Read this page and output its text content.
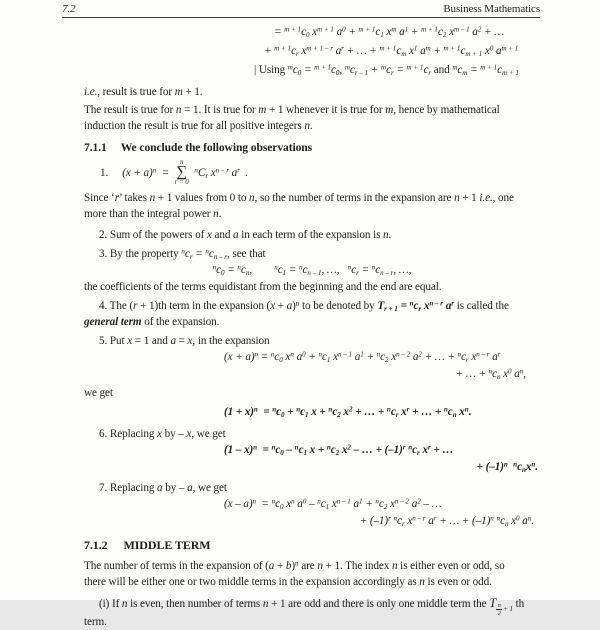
7.2	Business Mathematics
= $^{m + 1}c_0$ $x^{m + 1}$ $a^0 + ^{m + 1}c_1$ $x^m$ $a^1 + ^{m + 1}c_2$ $x^{m - 1}$ $a^2$ + …
+ $^{m + 1}c_r$ $x^{m + 1 - r}$ $a^r$ + … + $^{m + 1}c_m$ $x^1$ $a^m + ^{m + 1}c_{m + 1}$ $x^0$ $a^{m + 1}$
| Using $^mc_0 = ^{m + 1}c_0$, $^mc_{r - 1} + ^mc_r = ^{m + 1}c_r$ and $^mc_m = ^{m + 1}c_{m + 1}$
i.e., result is true for m + 1.
The result is true for n = 1. It is true for m + 1 whenever it is true for m, hence by mathematical
induction the result is true for all positive integers n.
7.1.1 We conclude the following observations
1. $(x + a)^n$  =
n
∑
r = 0
$^nC_r$ $x^{n - r}$ $a^r$  .
Since ‘r’ takes n + 1 values from 0 to n, so the number of terms in the expansion are n + 1 i.e., one
more than the integral power n.
2. Sum of the powers of x and a in each term of the expansion is n.
3. By the property $^nc_r = ^nc_{n - r}$, see that
$^nc_0 = ^nc_n$,  $^nc_1 = ^nc_{n - 1}$, …,  $^nc_r = ^nc_{n - r}$, …,
the coefficients of the terms equidistant from the beginning and the end are equal.
4. The (r + 1)th term in the expansion $(x + a)^n$ to be denoted by $T_{r + 1} = ^nc_r$ $x^{n - r}$ $a^r$ is called the
general term of the expansion.
5. Put x = 1 and a = x, in the expansion
$(x + a)^n = ^nc_0$ $x^n$ $a^0 + ^nc_1$ $x^{n - 1}$ $a^1 + ^nc_2$ $x^{n - 2}$ $a^2$ + … + $^nc_r$ $x^{n - r}$ $a^r$
+ … + $^nc_n$ $x^0$ $a^n$,
we get
$(1 + x)^n = ^nc_0 + ^nc_1$ $x + ^nc_2$ $x^2$ + … + $^nc_r$ $x^r$ + … + $^nc_n$ $x^n$.
6. Replacing x by – x, we get
$(1 - x)^n = ^nc_0 - ^nc_1$ $x + ^nc_2$ $x^2$ – … + $(-1)^r$ $^nc_r$ $x^r$ + …
+ $(-1)^n$ $^nc_nx^n$.
7. Replacing a by – a, we get
$(x - a)^n = ^nc_0$ $x^n$ $a^0 - ^nc_1$ $x^{n - 1}$ $a^1 + ^nc_2$ $x^{n - 2}$ $a^2$ – …
+ $(-1)^r$ $^nc_r$ $x^{n - r}$ $a^r$ + … + $(-1)^n$ $^nc_n$ $x^0$ $a^n$.
7.1.2 MIDDLE TERM
The number of terms in the expansion of $(a + b)^n$ are n + 1. The index n is either even or odd, so
there will be either one or two middle terms in the expansion accordingly as n is even or odd.
(i) If n is even, then number of terms n + 1 are odd and there is only one middle term the T $\frac{n}{2} + 1$ th
term.
